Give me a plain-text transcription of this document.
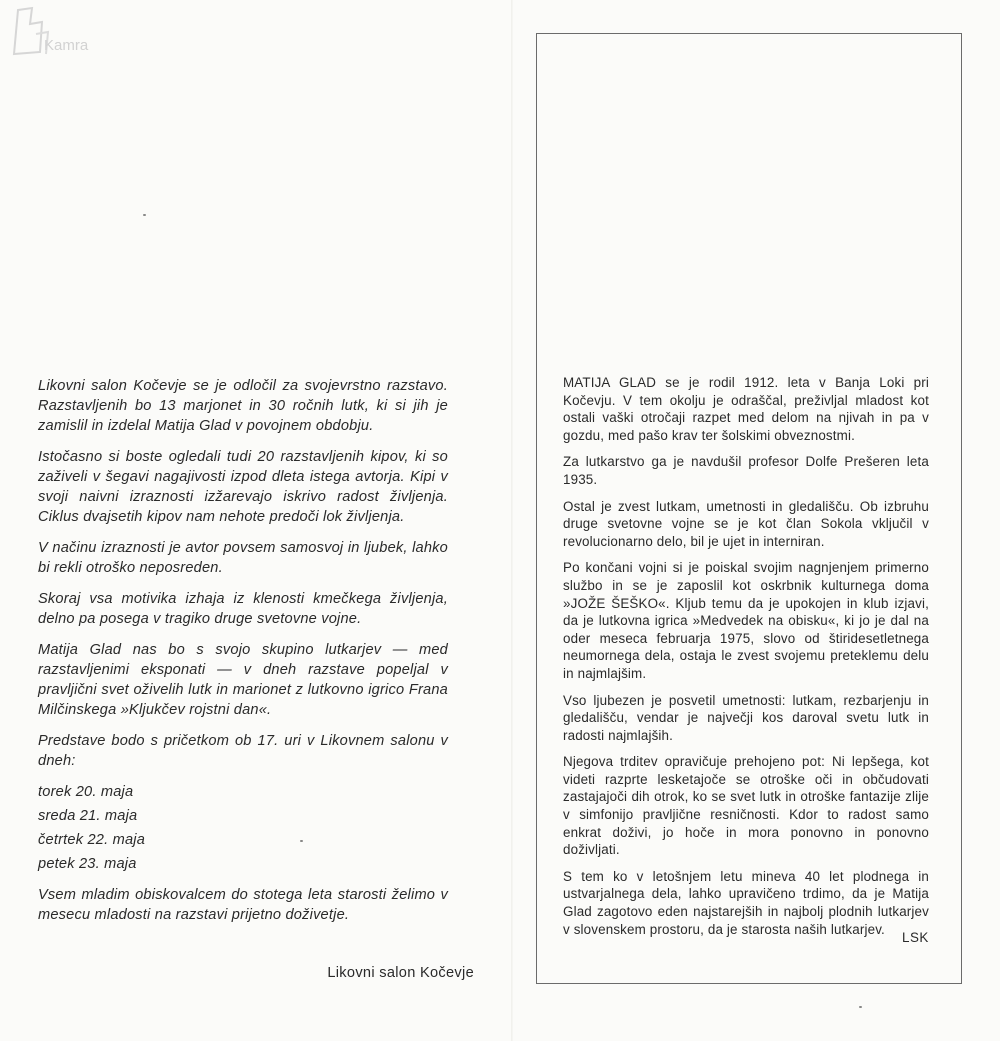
Kamra

Likovni salon Kočevje se je odločil za svojevrstno razstavo. Razstavljenih bo 13 marjonet in 30 ročnih lutk, ki si jih je zamislil in izdelal Matija Glad v povojnem obdobju.

Istočasno si boste ogledali tudi 20 razstavljenih kipov, ki so zaživeli v šegavi nagajivosti izpod dleta istega avtorja. Kipi v svoji naivni izraznosti izžarevajo iskrivo radost življenja. Ciklus dvajsetih kipov nam nehote predoči lok življenja.

V načinu izraznosti je avtor povsem samosvoj in ljubek, lahko bi rekli otroško neposreden.

Skoraj vsa motivika izhaja iz klenosti kmečkega življenja, delno pa posega v tragiko druge svetovne vojne.

Matija Glad nas bo s svojo skupino lutkarjev — med razstavljenimi eksponati — v dneh razstave popeljal v pravljični svet oživelih lutk in marionet z lutkovno igrico Frana Milčinskega »Kljukčev rojstni dan«.

Predstave bodo s pričetkom ob 17. uri v Likovnem salonu v dneh:

torek 20. maja
sreda 21. maja
četrtek 22. maja
petek 23. maja

Vsem mladim obiskovalcem do stotega leta starosti želimo v mesecu mladosti na razstavi prijetno doživetje.

Likovni salon Kočevje

MATIJA GLAD se je rodil 1912. leta v Banja Loki pri Kočevju. V tem okolju je odraščal, preživljal mladost kot ostali vaški otročaji razpet med delom na njivah in pa v gozdu, med pašo krav ter šolskimi obveznostmi.

Za lutkarstvo ga je navdušil profesor Dolfe Prešeren leta 1935.

Ostal je zvest lutkam, umetnosti in gledališču. Ob izbruhu druge svetovne vojne se je kot član Sokola vključil v revolucionarno delo, bil je ujet in interniran.

Po končani vojni si je poiskal svojim nagnjenjem primerno službo in se je zaposlil kot oskrbnik kulturnega doma »JOŽE ŠEŠKO«. Kljub temu da je upokojen in klub izjavi, da je lutkovna igrica »Medvedek na obisku«, ki jo je dal na oder meseca februarja 1975, slovo od štiridesetletnega neumornega dela, ostaja le zvest svojemu preteklemu delu in najmlajšim.

Vso ljubezen je posvetil umetnosti: lutkam, rezbarjenju in gledališču, vendar je največji kos daroval svetu lutk in radosti najmlajših.

Njegova trditev opravičuje prehojeno pot: Ni lepšega, kot videti razprte lesketajoče se otroške oči in občudovati zastajajoči dih otrok, ko se svet lutk in otroške fantazije zlije v simfonijo pravljične resničnosti. Kdor to radost samo enkrat doživi, jo hoče in mora ponovno in ponovno doživljati.

S tem ko v letošnjem letu mineva 40 let plodnega in ustvarjalnega dela, lahko upravičeno trdimo, da je Matija Glad zagotovo eden najstarejših in najbolj plodnih lutkarjev v slovenskem prostoru, da je starosta naših lutkarjev.

LSK
